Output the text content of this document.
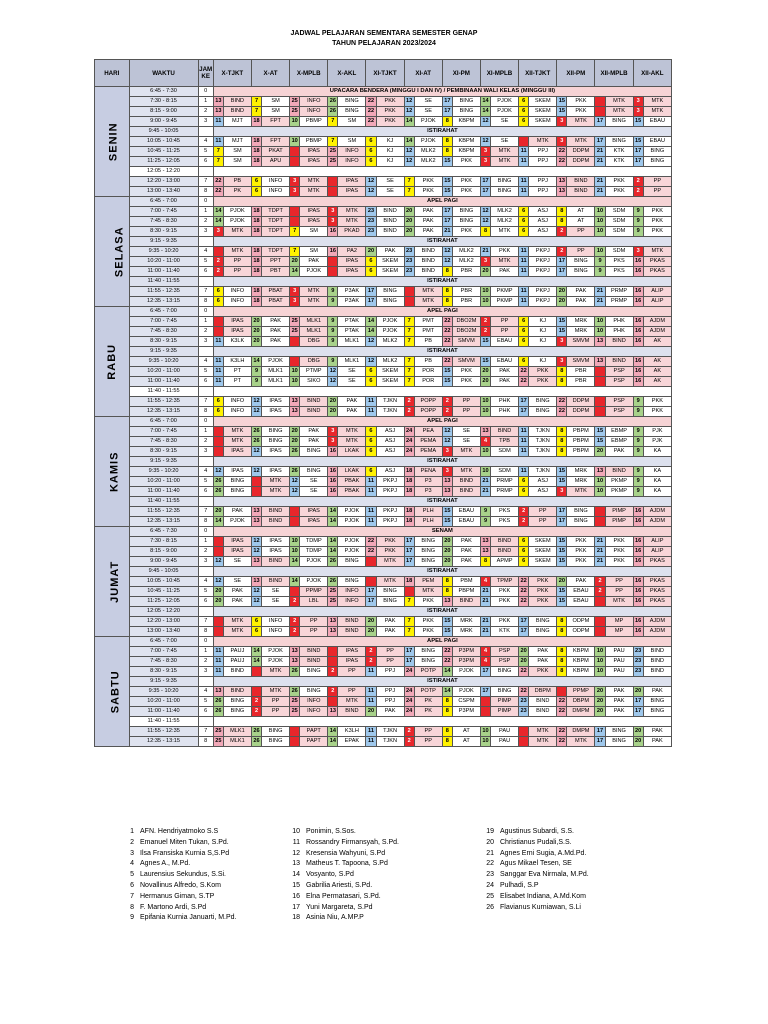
JADWAL PELAJARAN SEMENTARA SEMESTER GENAP
TAHUN PELAJARAN 2023/2024
HARI	WAKTU	JAM KE	X-TJKT		X-AT		X-MPLB		X-AKL		XI-TJKT		XI-AT		XI-PM		XI-MPLB		XII-TJKT		XII-PM		XII-MPLB		XII-AKL	
SENIN	6:45 - 7:30	0	UPACARA BENDERA (MINGGU I DAN IV) / PEMBINAAN WALI KELAS (MINGGU III)																							
	7:30 - 8:15	1	13	BIND	7	SM	25	INFO	26	BING	22	PKK	12	SE	17	BING	14	PJOK	6	SKEM	15	PKK		MTK	3	MTK
	8:15 - 9:00	2	13	BIND	7	SM	25	INFO	26	BING	22	PKK	12	SE	17	BING	14	PJOK	6	SKEM	15	PKK		MTK	3	MTK
	9:00 - 9:45	3	11	MJT	18	FPT	10	PBMP	7	SM	22	PKK	14	PJOK	8	KBPM	12	SE	6	SKEM	3	MTK	17	BING	15	EBAU
	9:45 - 10:05		ISTIRAHAT																							
	10:05 - 10:45	4	11	MJT	18	FPT	10	PBMP	7	SM	6	KJ	14	PJOK	8	KBPM	12	SE		MTK	3	MTK	17	BING	15	EBAU
	10:45 - 11:25	5	7	SM	18	PKAT		IPAS	25	INFO	6	KJ	12	MLK2	8	KBPM	3	MTK	11	PPJ	22	DDPM	21	KTK	17	BING
	11:25 - 12:05	6	7	SM	18	APU		IPAS	25	INFO	6	KJ	12	MLK2	15	PKK	3	MTK	11	PPJ	22	DDPM	21	KTK	17	BING
	12:05 - 12:20																									
	12:20 - 13:00	7	22	PB	6	INFO	3	MTK		IPAS	12	SE	7	PKK	15	PKK	17	BING	11	PPJ	13	BIND	21	PKK	2	PP
	13:00 - 13:40	8	22	PK	6	INFO	3	MTK		IPAS	12	SE	7	PKK	15	PKK	17	BING	11	PPJ	13	BIND	21	PKK	2	PP
SELASA	6:45 - 7:00	0	APEL PAGI																							
	7:00 - 7:45	1	14	PJOK	18	TDPT		IPAS	3	MTK	23	BIND	20	PAK	17	BING	12	MLK2	6	ASJ	8	AT	10	SDM	9	PKK
	7:45 - 8:30	2	14	PJOK	18	TDPT		IPAS	3	MTK	23	BIND	20	PAK	17	BING	12	MLK2	6	ASJ	8	AT	10	SDM	9	PKK
	8:30 - 9:15	3	3	MTK	18	TDPT	7	SM	16	PKAD	23	BIND	20	PAK	21	PKK	8	MTK	6	ASJ	2	PP	10	SDM	9	PKK
	9:15 - 9:35		ISTIRAHAT																							
	9:35 - 10:20	4		MTK	18	TDPT	7	SM	16	PA2	20	PAK	23	BIND	12	MLK2	21	PKK	11	PKPJ	2	PP	10	SDM	3	MTK
	10:20 - 11:00	5	2	PP	18	PPT	20	PAK		IPAS	6	SKEM	23	BIND	12	MLK2	3	MTK	11	PKPJ	17	BING	9	PKS	16	PKAS
	11:00 - 11:40	6	2	PP	18	PBT	14	PJOK		IPAS	6	SKEM	23	BIND	8	PBR	20	PAK	11	PKPJ	17	BING	9	PKS	16	PKAS
	11:40 - 11:55		ISTIRAHAT																							
	11:55 - 12:35	7	6	INFO	18	PBAT	3	MTK	9	P3AK	17	BING		MTK	8	PBR	10	PKMP	11	PKPJ	20	PAK	21	PRMP	16	ALIP
	12:35 - 13:15	8	6	INFO	18	PBAT	3	MTK	9	P3AK	17	BING		MTK	8	PBR	10	PKMP	11	PKPJ	20	PAK	21	PRMP	16	ALIP
RABU	6:45 - 7:00	0	APEL PAGI																							
	7:00 - 7:45	1		IPAS	20	PAK	25	MLK1	9	PTAK	14	PJOK	7	PMT	22	DBO2M	2	PP	6	KJ	15	MRK	10	PHK	16	AJDM
	7:45 - 8:30	2		IPAS	20	PAK	25	MLK1	9	PTAK	14	PJOK	7	PMT	22	DBO2M	2	PP	6	KJ	15	MRK	10	PHK	16	AJDM
	8:30 - 9:15	3	11	K3LK	20	PAK		DBG	9	MLK1	12	MLK2	7	PB	22	SMVM	15	EBAU	6	KJ	3	SMVM	13	BIND	16	AK
	9:15 - 9:35		ISTIRAHAT																							
	9:35 - 10:20	4	11	K3LH	14	PJOK		DBG	9	MLK1	12	MLK2	7	PB	22	SMVM	15	EBAU	6	KJ	3	SMVM	13	BIND	16	AK
	10:20 - 11:00	5	11	PT	9	MLK1	10	PTMP	12	SE	6	SKEM	7	POR	15	PKK	20	PAK	22	PKK	8	PBR		PSP	16	AK
	11:00 - 11:40	6	11	PT	9	MLK1	10	SIKO	12	SE	6	SKEM	7	POR	15	PKK	20	PAK	22	PKK	8	PBR		PSP	16	AK
	11:40 - 11:55																									
	11:55 - 12:35	7	6	INFO	12	IPAS	13	BIND	20	PAK	11	TJKN	2	POPP	2	PP	10	PHK	17	BING	22	DDPM		PSP	9	PKK
	12:35 - 13:15	8	6	INFO	12	IPAS	13	BIND	20	PAK	11	TJKN	2	POPP	2	PP	10	PHK	17	BING	22	DDPM		PSP	9	PKK
KAMIS	6:45 - 7:00	0	APEL PAGI																							
	7:00 - 7:45	1		MTK	26	BING	20	PAK	3	MTK	6	ASJ	24	PEA	12	SE	13	BIND	11	TJKN	8	PBPM	15	EBMP	9	PJK
	7:45 - 8:30	2		MTK	26	BING	20	PAK	3	MTK	6	ASJ	24	PEMA	12	SE	4	TPB	11	TJKN	8	PBPM	15	EBMP	9	PJK
	8:30 - 9:15	3		IPAS	12	IPAS	26	BING	16	LKAK	6	ASJ	24	PEMA	3	MTK	10	SDM	11	TJKN	8	PBPM	20	PAK	9	KA
	9:15 - 9:35		ISTIRAHAT																							
	9:35 - 10:20	4	12	IPAS	12	IPAS	26	BING	16	LKAK	6	ASJ	18	PENA	3	MTK	10	SDM	11	TJKN	15	MRK	13	BIND	9	KA
	10:20 - 11:00	5	26	BING		MTK	12	SE	16	PBAK	11	PKPJ	18	P3	13	BIND	21	PRMP	6	ASJ	15	MRK	10	PKMP	9	KA
	11:00 - 11:40	6	26	BING		MTK	12	SE	16	PBAK	11	PKPJ	18	P3	13	BIND	21	PRMP	6	ASJ	3	MTK	10	PKMP	9	KA
	11:40 - 11:55		ISTIRAHAT																							
	11:55 - 12:35	7	20	PAK	13	BIND		IPAS	14	PJOK	11	PKPJ	18	PLH	15	EBAU	9	PKS	2	PP	17	BING		PIMP	16	AJDM
	12:35 - 13:15	8	14	PJOK	13	BIND		IPAS	14	PJOK	11	PKPJ	18	PLH	15	EBAU	9	PKS	2	PP	17	BING		PIMP	16	AJDM
JUMAT	6:45 - 7:30	0	SENAM																							
	7:30 - 8:15	1		IPAS	12	IPAS	10	TDMP	14	PJOK	22	PKK	17	BING	20	PAK	13	BIND	6	SKEM	15	PKK	21	PKK	16	ALIP
	8:15 - 9:00	2		IPAS	12	IPAS	10	TDMP	14	PJOK	22	PKK	17	BING	20	PAK	13	BIND	6	SKEM	15	PKK	21	PKK	16	ALIP
	9:00 - 9:45	3	12	SE	13	BIND	14	PJOK	26	BING		MTK	17	BING	20	PAK	8	APMP	6	SKEM	15	PKK	21	PKK	16	PKAS
	9:45 - 10:05		ISTIRAHAT																							
	10:05 - 10:45	4	12	SE	13	BIND	14	PJOK	26	BING		MTK	18	PEM	8	PBM	4	TPMP	22	PKK	20	PAK	2	PP	16	PKAS
	10:45 - 11:25	5	20	PAK	12	SE		PPMP	25	INFO	17	BING		MTK	8	PBPM	21	PKK	22	PKK	15	EBAU	2	PP	16	PKAS
	11:25 - 12:05	6	20	PAK	12	SE	2	LBL	25	INFO	17	BING	7	PKK	13	BIND	21	PKK	22	PKK	15	EBAU		MTK	16	PKAS
	12:05 - 12:20		ISTIRAHAT																							
	12:20 - 13:00	7		MTK	6	INFO	2	PP	13	BIND	20	PAK	7	PKK	15	MRK	21	PKK	17	BING	8	ODPM		MP	16	AJDM
	13:00 - 13:40	8		MTK	6	INFO	2	PP	13	BIND	20	PAK	7	PKK	15	MRK	21	KTK	17	BING	8	ODPM		MP	16	AJDM
SABTU	6:45 - 7:00	0	APEL PAGI																							
	7:00 - 7:45	1	11	PAUJ	14	PJOK	13	BIND		IPAS	2	PP	17	BING	22	P3PM	4	PSP	20	PAK	8	KBPM	10	PAU	23	BIND
	7:45 - 8:30	2	11	PAUJ	14	PJOK	13	BIND		IPAS	2	PP	17	BING	22	P3PM	4	PSP	20	PAK	8	KBPM	10	PAU	23	BIND
	8:30 - 9:15	3	11	BIND		MTK	26	BING	2	PP	11	PPJ	24	POTP	14	PJOK	17	BING	22	PKK	8	KBPM	10	PAU	23	BIND
	9:15 - 9:35		ISTIRAHAT																							
	9:35 - 10:20	4	13	BIND		MTK	26	BING	2	PP	11	PPJ	24	POTP	14	PJOK	17	BING	22	DBPM		PPMP	20	PAK	20	PAK
	10:20 - 11:00	5	26	BING	2	PP	25	INFO		MTK	11	PPJ	24	PK	8	CSPM		PIMP	23	BIND	22	DBPM	20	PAK	17	BING
	11:00 - 11:40	6	26	BING	2	PP	25	INFO	13	BIND	20	PAK	24	PK	8	P3PM		PIMP	23	BIND	22	DMPM	20	PAK	17	BING
	11:40 - 11:55																									
	11:55 - 12:35	7	25	MLK1	26	BING		PAPT	14	K3LH	11	TJKN	2	PP	8	AT	10	PAU		MTK	22	DMPM	17	BING	20	PAK
	12:35 - 13:15	8	25	MLK1	26	BING		PAPT	14	EPAK	11	TJKN	2	PP	8	AT	10	PAU		MTK	22	MTK	17	BING	20	PAK
1 AFN. Hendriyatmoko S.S
2 Emanuel Miten Tukan, S.Pd.
3 Ilsa Fransiska Kurnia S,S.Pd
4 Agnes A., M.Pd.
5 Laurensius Sekundus, S.Si.
6 Novallinus Alfredo, S.Kom
7 Hermanus Giman, S.TP
8 F. Martono Ardi, S.Pd
9 Epifania Kurnia Januarti, M.Pd.
10 Ponimin, S.Sos.
11 Rossandry Firmansyah, S.Pd.
12 Kresensia Wahyuni, S.Pd
13 Matheus T. Tapoona, S.Pd
14 Vosyanto, S.Pd
15 Gabrilia Ariesti, S.Pd.
16 Elna Permatasari, S.Pd.
17 Yuni Margareta, S.Pd
18 Asinia Niu, A.MP.P
19 Agustinus Subardi, S.S.
20 Christianus Pudali,S.S.
21 Agnes Erni Sugia, A.Md.Pd.
22 Agus Mikael Tesen, SE
23 Sanggar Eva Nirmala, M.Pd.
24 Pulhadi, S.P
25 Elisabet Indiana, A.Md.Kom
26 Flavianus Kurniawan, S.Li
